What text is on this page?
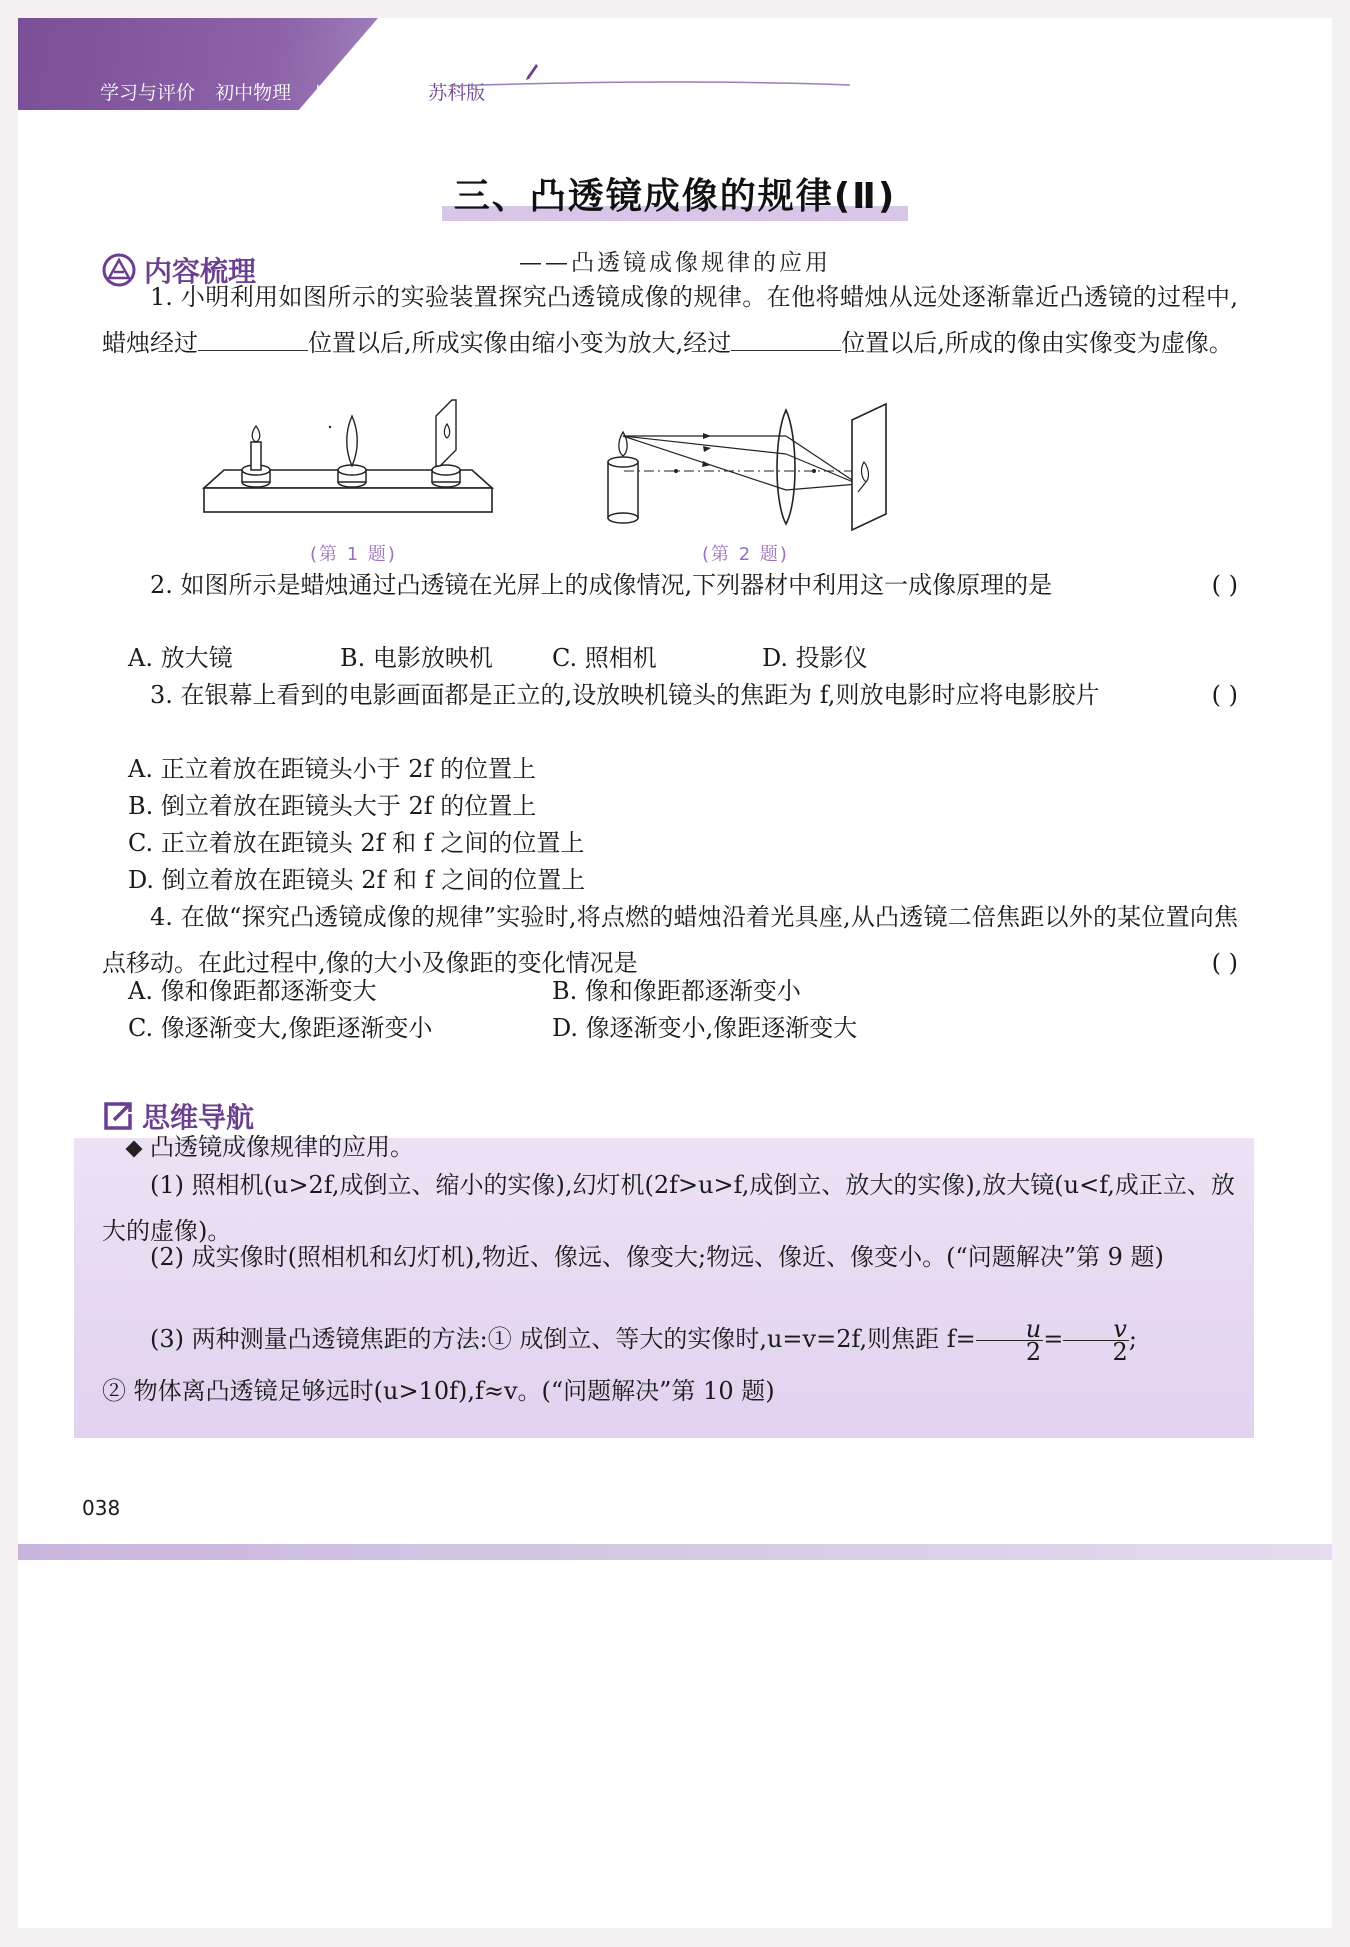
学习与评价 初中物理 八年级上册 苏科版
三、凸透镜成像的规律(Ⅱ)
——凸透镜成像规律的应用
内容梳理
1. 小明利用如图所示的实验装置探究凸透镜成像的规律。在他将蜡烛从远处逐渐靠近凸透镜的过程中,蜡烛经过	位置以后,所成实像由缩小变为放大,经过	位置以后,所成的像由实像变为虚像。
(第 1 题)	(第 2 题)
2. 如图所示是蜡烛通过凸透镜在光屏上的成像情况,下列器材中利用这一成像原理的是	( )
A. 放大镜	B. 电影放映机 C. 照相机	D. 投影仪
3. 在银幕上看到的电影画面都是正立的,设放映机镜头的焦距为 f,则放电影时应将电影胶片	( )
A. 正立着放在距镜头小于 2f 的位置上
B. 倒立着放在距镜头大于 2f 的位置上
C. 正立着放在距镜头 2f 和 f 之间的位置上
D. 倒立着放在距镜头 2f 和 f 之间的位置上
4. 在做“探究凸透镜成像的规律”实验时,将点燃的蜡烛沿着光具座,从凸透镜二倍焦距以外的某位置向焦点移动。在此过程中,像的大小及像距的变化情况是	( )
A. 像和像距都逐渐变大	B. 像和像距都逐渐变小
C. 像逐渐变大,像距逐渐变小	D. 像逐渐变小,像距逐渐变大
思维导航
凸透镜成像规律的应用。
(1) 照相机(u>2f,成倒立、缩小的实像),幻灯机(2f>u>f,成倒立、放大的实像),放大镜(u<f,成正立、放大的虚像)。
(2) 成实像时(照相机和幻灯机),物近、像远、像变大;物远、像近、像变小。(“问题解决”第 9 题)
(3) 两种测量凸透镜焦距的方法:① 成倒立、等大的实像时,u=v=2f,则焦距 $f= \frac{u}{2} = \frac{v}{2}$ ;
② 物体离凸透镜足够远时(u>10f),f≈v。(“问题解决”第 10 题)
038
